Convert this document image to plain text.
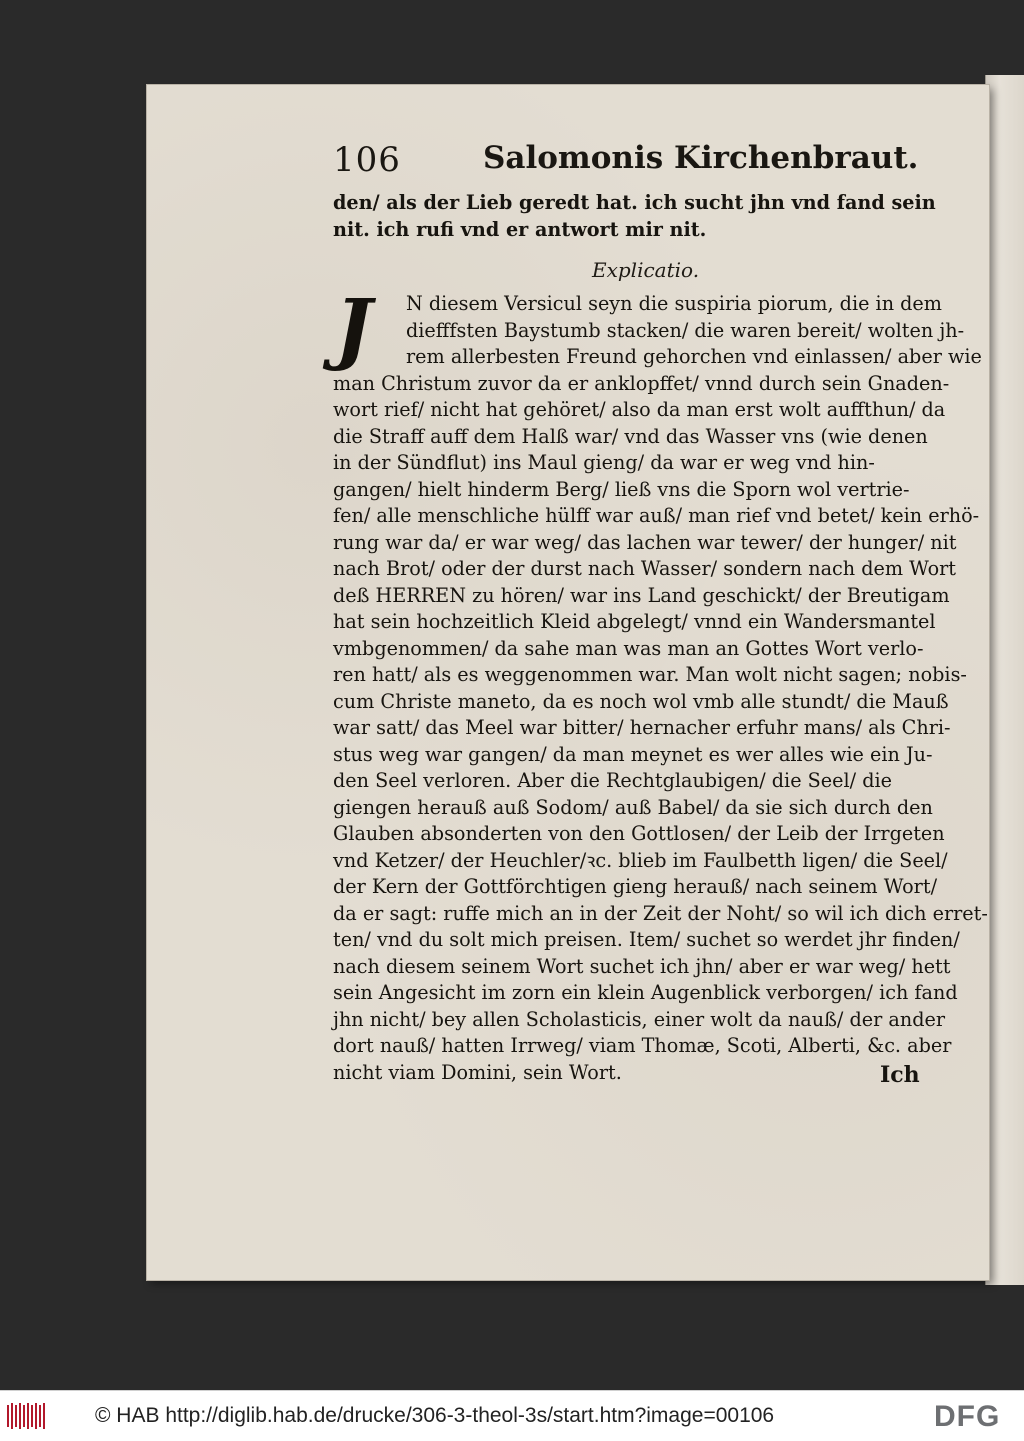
106	Salomonis Kirchenbraut.
den/ als der Lieb geredt hat. ich sucht jhn vnd fand sein
nit. ich rufi vnd er antwort mir nit.
Explicatio.
J	N diesem Versicul seyn die suspiria piorum, die in dem
diefffsten Baystumb stacken/ die waren bereit/ wolten jh-
rem allerbesten Freund gehorchen vnd einlassen/ aber wie
man Christum zuvor da er anklopffet/ vnnd durch sein Gnaden-
wort rief/ nicht hat gehöret/ also da man erst wolt auffthun/ da
die Straff auff dem Halß war/ vnd das Wasser vns (wie denen
in der Sündflut) ins Maul gieng/ da war er weg vnd hin-
gangen/ hielt hinderm Berg/ ließ vns die Sporn wol vertrie-
fen/ alle menschliche hülff war auß/ man rief vnd betet/ kein erhö-
rung war da/ er war weg/ das lachen war tewer/ der hunger/ nit
nach Brot/ oder der durst nach Wasser/ sondern nach dem Wort
deß HERREN zu hören/ war ins Land geschickt/ der Breutigam
hat sein hochzeitlich Kleid abgelegt/ vnnd ein Wandersmantel
vmbgenommen/ da sahe man was man an Gottes Wort verlo-
ren hatt/ als es weggenommen war. Man wolt nicht sagen; nobis-
cum Christe maneto, da es noch wol vmb alle stundt/ die Mauß
war satt/ das Meel war bitter/ hernacher erfuhr mans/ als Chri-
stus weg war gangen/ da man meynet es wer alles wie ein Ju-
den Seel verloren. Aber die Rechtglaubigen/ die Seel/ die
giengen herauß auß Sodom/ auß Babel/ da sie sich durch den
Glauben absonderten von den Gottlosen/ der Leib der Irrgeten
vnd Ketzer/ der Heuchler/ꝛc. blieb im Faulbetth ligen/ die Seel/
der Kern der Gottförchtigen gieng herauß/ nach seinem Wort/
da er sagt: ruffe mich an in der Zeit der Noht/ so wil ich dich erret-
ten/ vnd du solt mich preisen. Item/ suchet so werdet jhr finden/
nach diesem seinem Wort suchet ich jhn/ aber er war weg/ hett
sein Angesicht im zorn ein klein Augenblick verborgen/ ich fand
jhn nicht/ bey allen Scholasticis, einer wolt da nauß/ der ander
dort nauß/ hatten Irrweg/ viam Thomæ, Scoti, Alberti, &c. aber
nicht viam Domini, sein Wort.	Ich
© HAB http://diglib.hab.de/drucke/306-3-theol-3s/start.htm?image=00106	DFG
